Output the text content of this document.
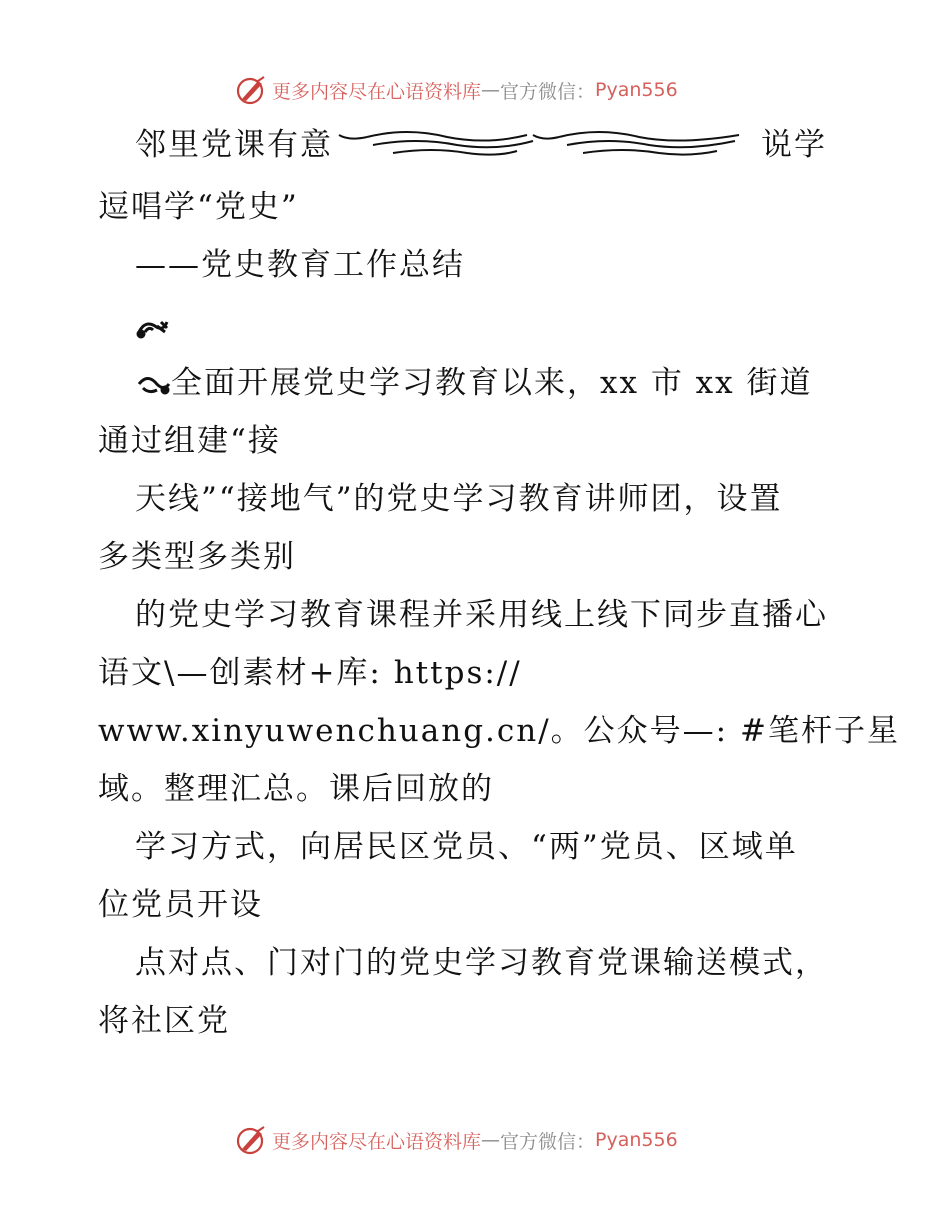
更多内容尽在心语资料库 — 官方微信： Pyan556
邻里党课有意	说学
逗唱学“党史”
——党史教育工作总结
全面开展党史学习教育以来，xx 市 xx 街道
通过组建“接
天线”“接地气”的党史学习教育讲师团，设置
多类型多类别
的党史学习教育课程并采用线上线下同步直播心
语文\—创素材+库: https://
www.xinyuwenchuang.cn/。公众号—: #笔杆子星
域。整理汇总。课后回放的
学习方式，向居民区党员、“两”党员、区域单
位党员开设
点对点、门对门的党史学习教育党课输送模式，
将社区党
更多内容尽在心语资料库 — 官方微信： Pyan556
